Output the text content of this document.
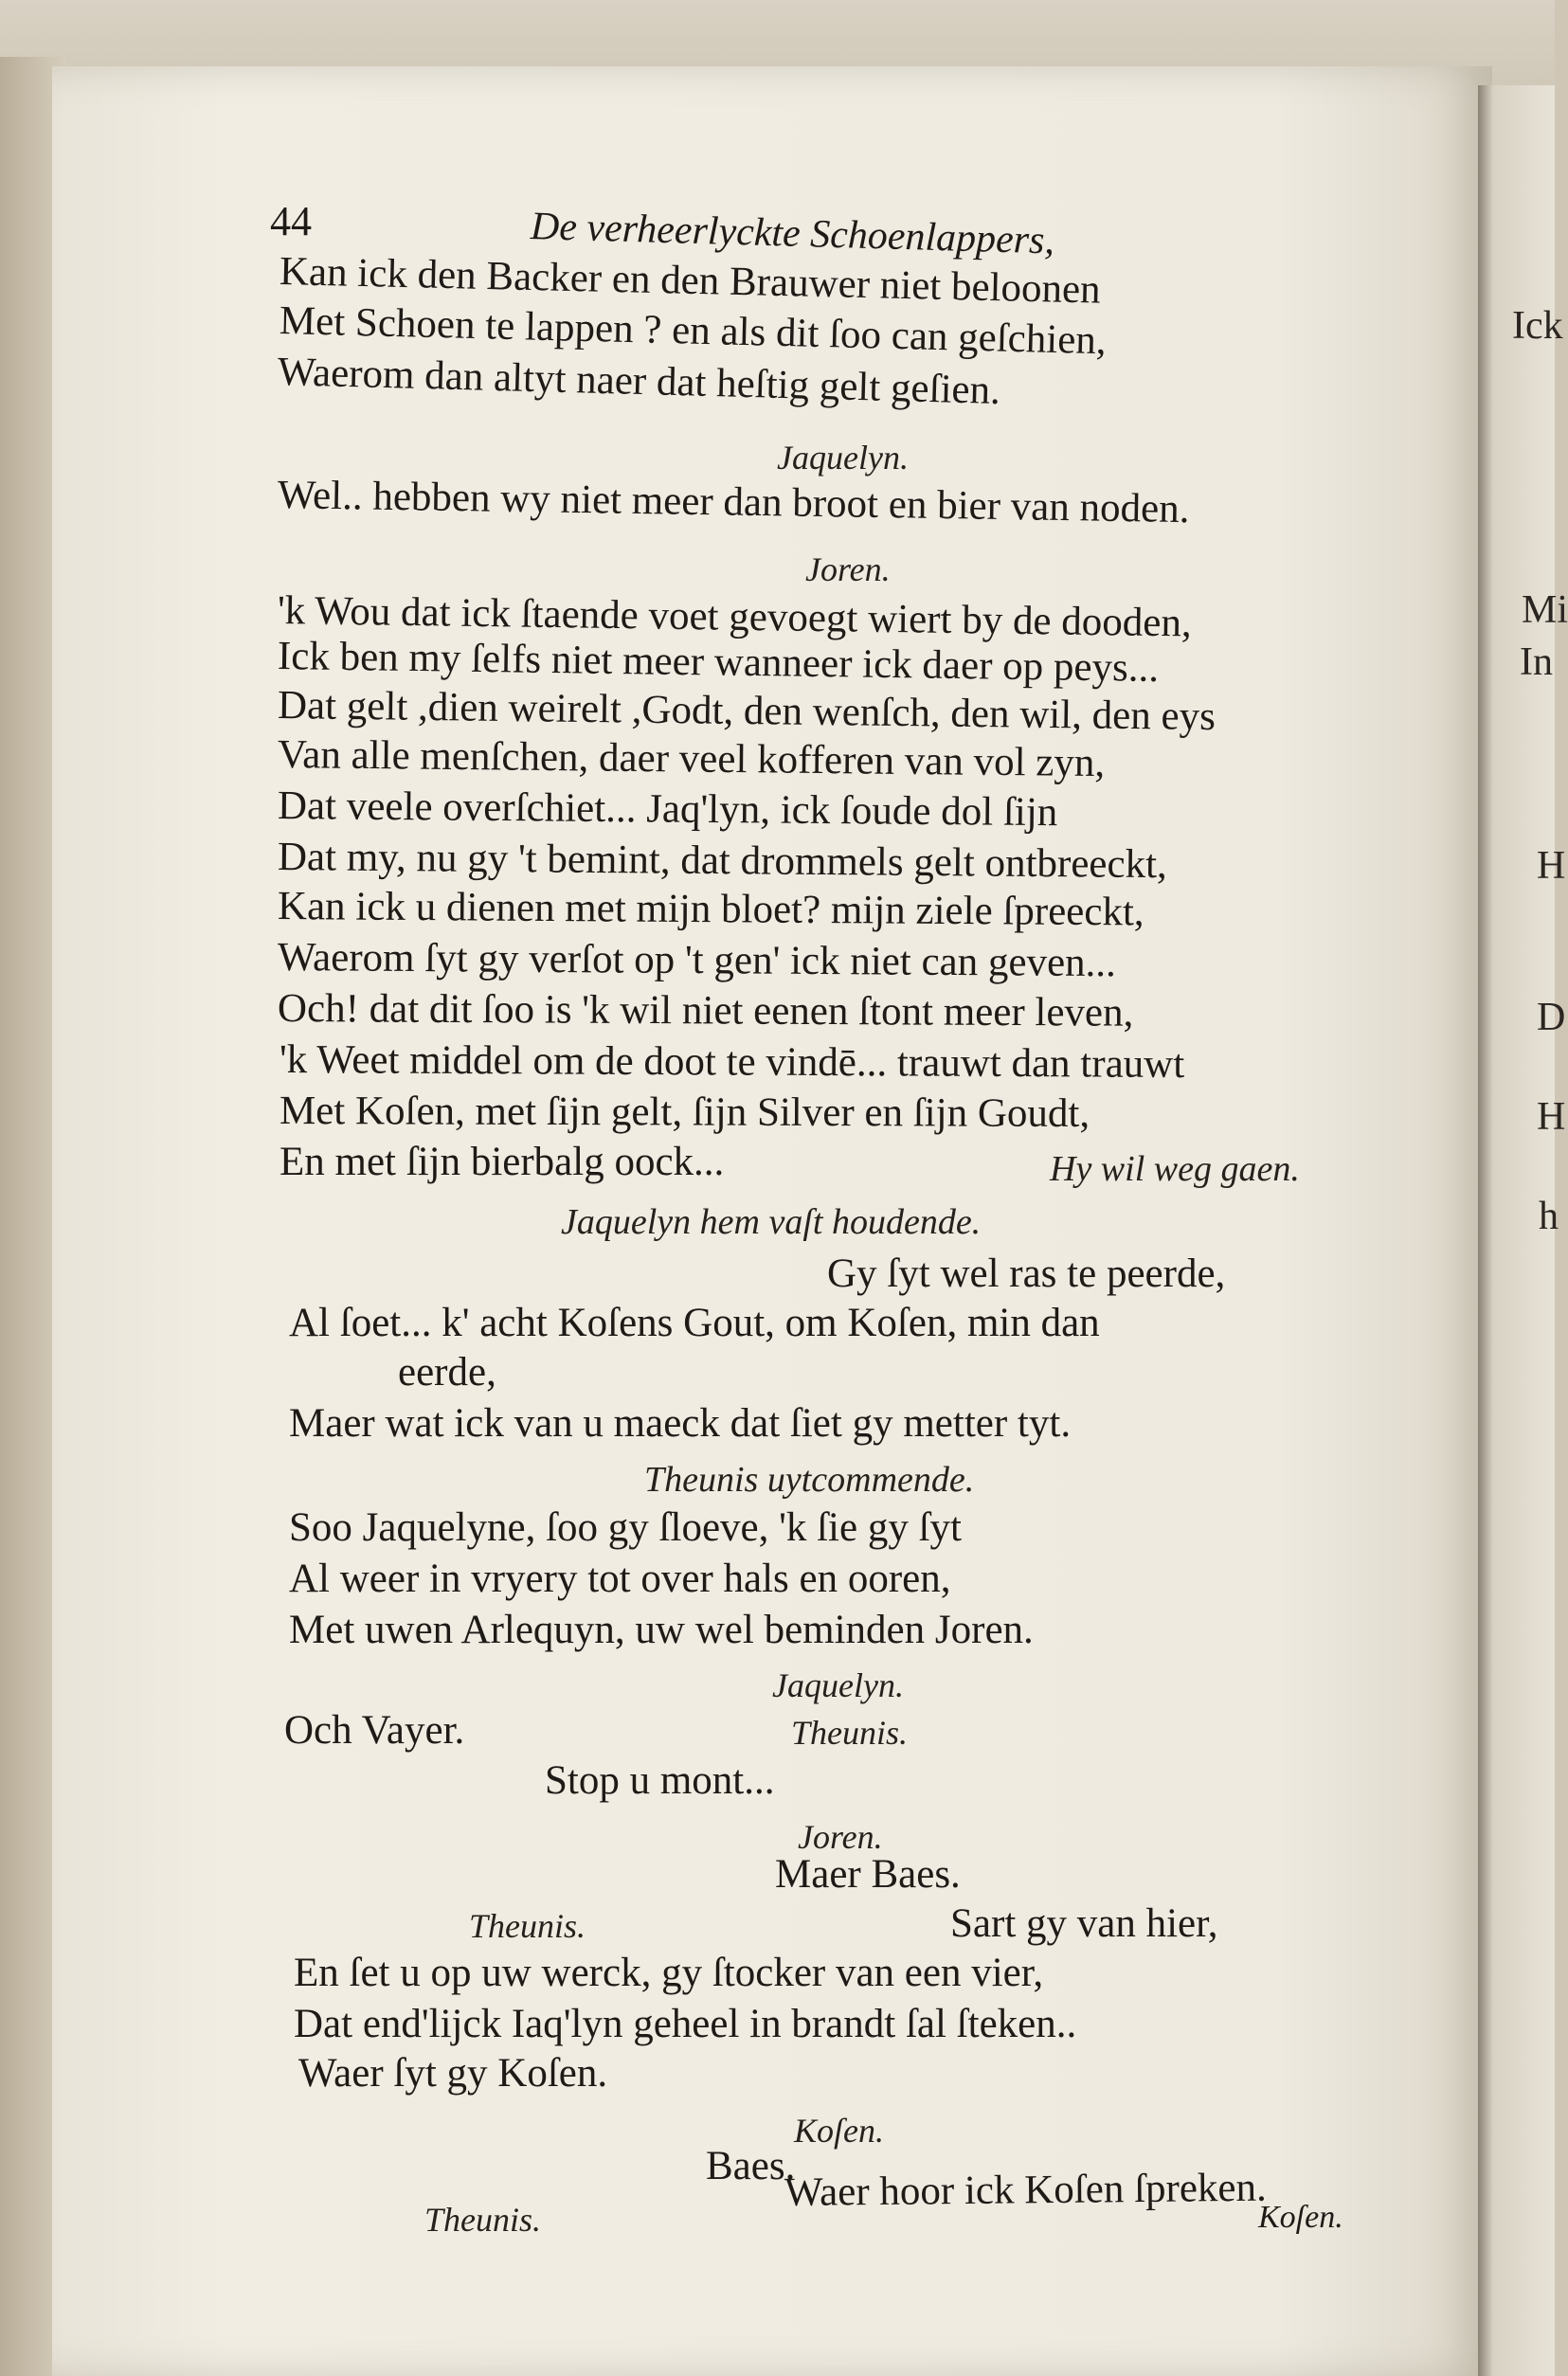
Ick
Mi
In
H
D
H
h
44	De verheerlyckte Schoenlappers,
Kan ick den Backer en den Brauwer niet beloonen
Met Schoen te lappen ? en als dit ſoo can geſchien,
Waerom dan altyt naer dat heſtig gelt geſien.
Jaquelyn.
Wel.. hebben wy niet meer dan broot en bier van noden.
Joren.
'k Wou dat ick ſtaende voet gevoegt wiert by de dooden,
Ick ben my ſelfs niet meer wanneer ick daer op peys...
Dat gelt ,dien weirelt ,Godt, den wenſch, den wil, den eys
Van alle menſchen, daer veel kofferen van vol zyn,
Dat veele overſchiet... Jaq'lyn, ick ſoude dol ſijn
Dat my, nu gy 't bemint, dat drommels gelt ontbreeckt,
Kan ick u dienen met mijn bloet? mijn ziele ſpreeckt,
Waerom ſyt gy verſot op 't gen' ick niet can geven...
Och! dat dit ſoo is 'k wil niet eenen ſtont meer leven,
'k Weet middel om de doot te vindē... trauwt dan trauwt
Met Koſen, met ſijn gelt, ſijn Silver en ſijn Goudt,
En met ſijn bierbalg oock...	Hy wil weg gaen.
Jaquelyn hem vaſt houdende.
Gy ſyt wel ras te peerde,
Al ſoet... k' acht Koſens Gout, om Koſen, min dan
eerde,
Maer wat ick van u maeck dat ſiet gy metter tyt.
Theunis uytcommende.
Soo Jaquelyne, ſoo gy ſloeve, 'k ſie gy ſyt
Al weer in vryery tot over hals en ooren,
Met uwen Arlequyn, uw wel beminden Joren.
Jaquelyn.
Och Vayer.	Theunis.
Stop u mont...
Joren.
Maer Baes.
Theunis.	Sart gy van hier,
En ſet u op uw werck, gy ſtocker van een vier,
Dat end'lijck Iaq'lyn geheel in brandt ſal ſteken..
Waer ſyt gy Koſen.
Koſen.
Baes.
Theunis.
Waer hoor ick Koſen ſpreken.
Koſen.
